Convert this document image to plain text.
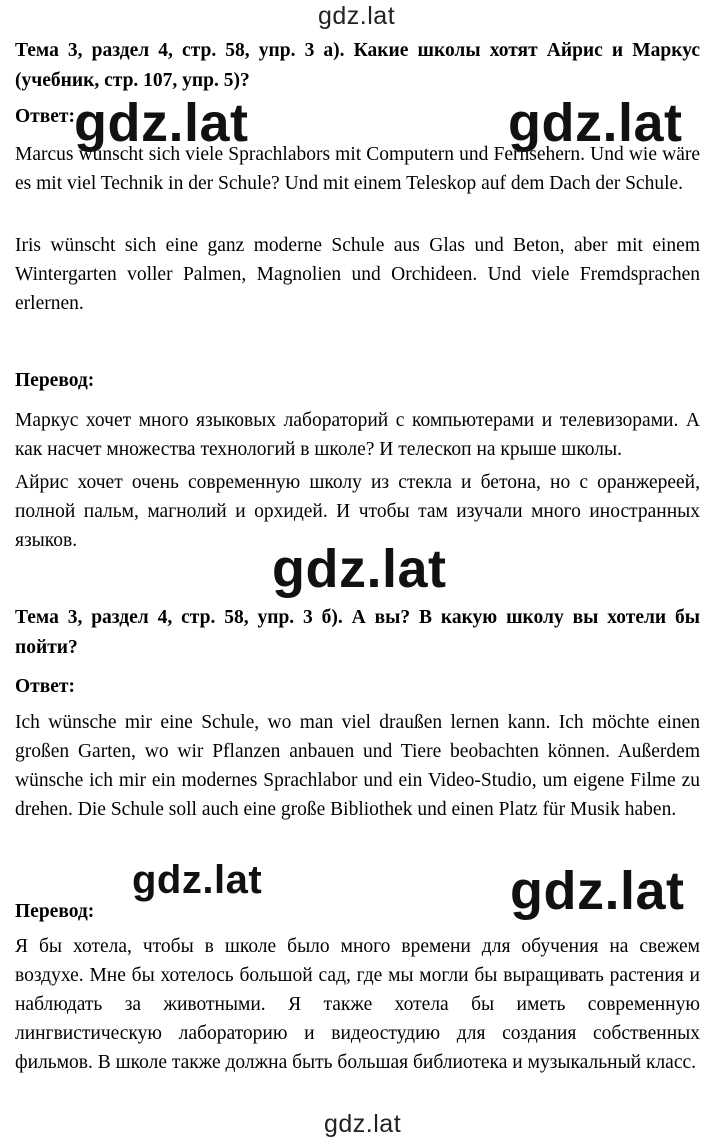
gdz.lat

Тема 3, раздел 4, стр. 58, упр. 3 а). Какие школы хотят Айрис и Маркус (учебник, стр. 107, упр. 5)?

Ответ:

Marcus wünscht sich viele Sprachlabors mit Computern und Fernsehern. Und wie wäre es mit viel Technik in der Schule? Und mit einem Teleskop auf dem Dach der Schule.

Iris wünscht sich eine ganz moderne Schule aus Glas und Beton, aber mit einem Wintergarten voller Palmen, Magnolien und Orchideen. Und viele Fremdsprachen erlernen.

Перевод:

Маркус хочет много языковых лабораторий с компьютерами и телевизорами. А как насчет множества технологий в школе? И телескоп на крыше школы.

Айрис хочет очень современную школу из стекла и бетона, но с оранжереей, полной пальм, магнолий и орхидей. И чтобы там изучали много иностранных языков.

Тема 3, раздел 4, стр. 58, упр. 3 б). А вы? В какую школу вы хотели бы пойти?

Ответ:

Ich wünsche mir eine Schule, wo man viel draußen lernen kann. Ich möchte einen großen Garten, wo wir Pflanzen anbauen und Tiere beobachten können. Außerdem wünsche ich mir ein modernes Sprachlabor und ein Video-Studio, um eigene Filme zu drehen. Die Schule soll auch eine große Bibliothek und einen Platz für Musik haben.

Перевод:

Я бы хотела, чтобы в школе было много времени для обучения на свежем воздухе. Мне бы хотелось большой сад, где мы могли бы выращивать растения и наблюдать за животными. Я также хотела бы иметь современную лингвистическую лабораторию и видеостудию для создания собственных фильмов. В школе также должна быть большая библиотека и музыкальный класс.

gdz.lat	gdz.lat
gdz.lat
gdz.lat	gdz.lat
gdz.lat
